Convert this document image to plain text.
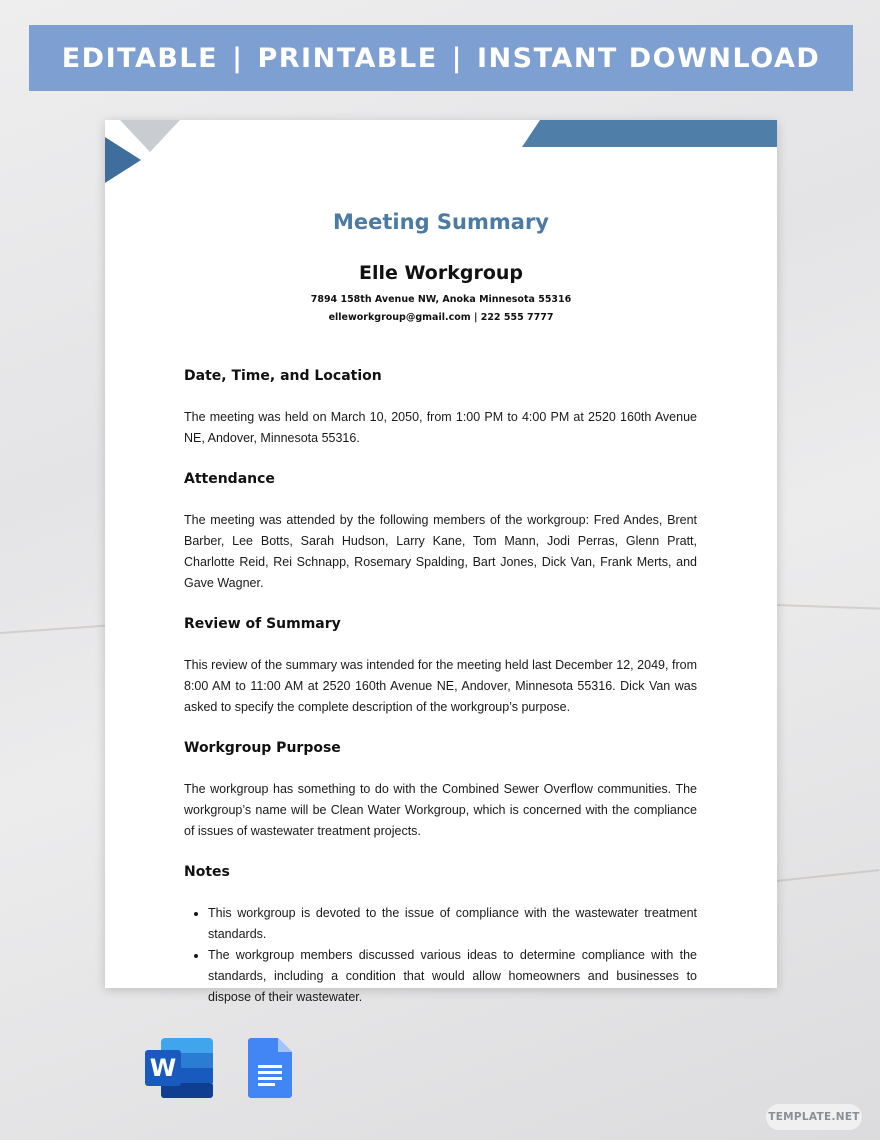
EDITABLE | PRINTABLE | INSTANT DOWNLOAD
Meeting Summary
Elle Workgroup
7894 158th Avenue NW, Anoka Minnesota 55316
elleworkgroup@gmail.com | 222 555 7777
Date, Time, and Location

The meeting was held on March 10, 2050, from 1:00 PM to 4:00 PM at 2520 160th Avenue NE, Andover, Minnesota 55316.

Attendance

The meeting was attended by the following members of the workgroup: Fred Andes, Brent Barber, Lee Botts, Sarah Hudson, Larry Kane, Tom Mann, Jodi Perras, Glenn Pratt, Charlotte Reid, Rei Schnapp, Rosemary Spalding, Bart Jones, Dick Van, Frank Merts, and Gave Wagner.

Review of Summary

This review of the summary was intended for the meeting held last December 12, 2049, from 8:00 AM to 11:00 AM at 2520 160th Avenue NE, Andover, Minnesota 55316. Dick Van was asked to specify the complete description of the workgroup’s purpose.

Workgroup Purpose

The workgroup has something to do with the Combined Sewer Overflow communities. The workgroup’s name will be Clean Water Workgroup, which is concerned with the compliance of issues of wastewater treatment projects.

Notes
• This workgroup is devoted to the issue of compliance with the wastewater treatment standards.
• The workgroup members discussed various ideas to determine compliance with the standards, including a condition that would allow homeowners and businesses to dispose of their wastewater.
W
TEMPLATE.NET
